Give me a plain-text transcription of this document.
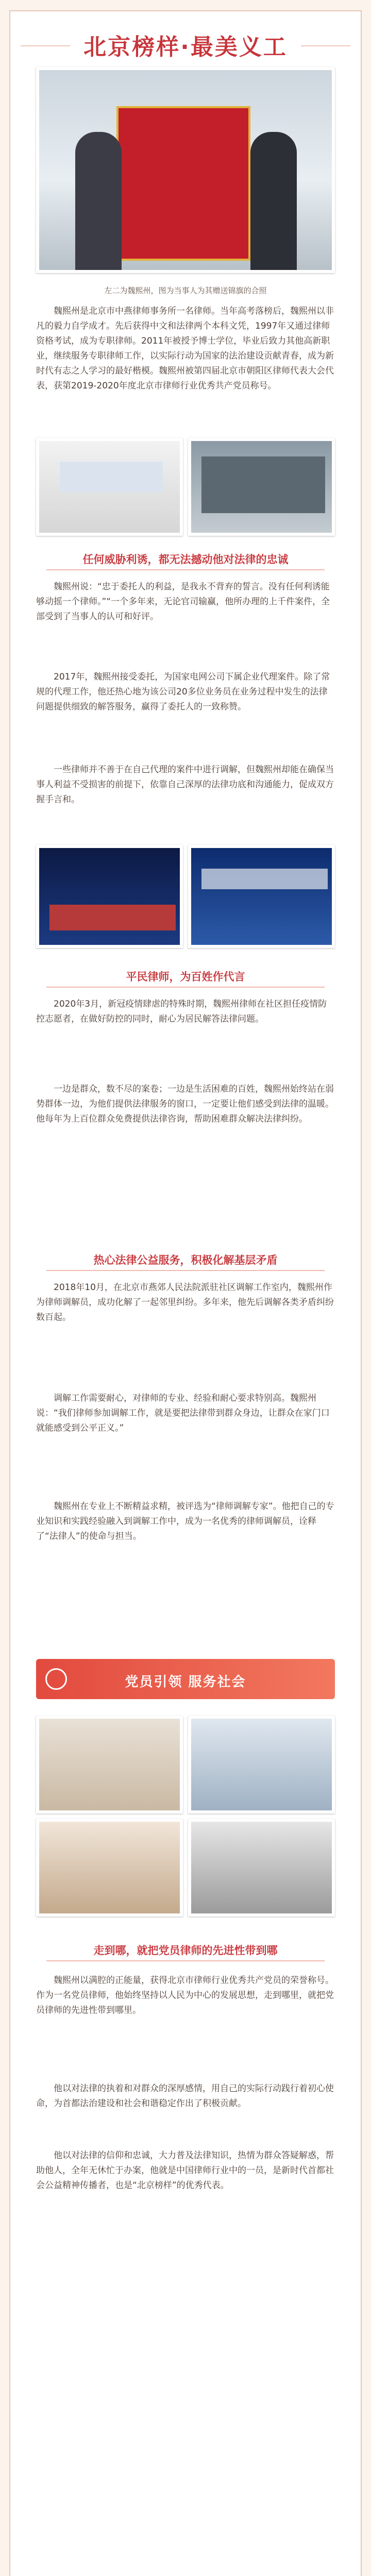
北京榜样·最美义工
左二为魏熙州，图为当事人为其赠送锦旗的合照
魏熙州是北京市中燕律师事务所一名律师。当年高考落榜后，魏熙州以非凡的毅力自学成才。先后获得中文和法律两个本科文凭，1997年又通过律师资格考试，成为专职律师。2011年被授予博士学位，毕业后致力其他高新职业，继续服务专职律师工作，以实际行动为国家的法治建设贡献青春，成为新时代有志之人学习的最好楷模。魏熙州被第四届北京市朝阳区律师代表大会代表，获第2019-2020年度北京市律师行业优秀共产党员称号。
任何威胁利诱，都无法撼动他对法律的忠诚
魏熙州说：“忠于委托人的利益，是我永不背弃的誓言。没有任何利诱能够动摇一个律师。”“一个多年来，无论官司输赢，他所办理的上千件案件，全部受到了当事人的认可和好评。
2017年，魏熙州接受委托，为国家电网公司下属企业代理案件。除了常规的代理工作，他还热心地为该公司20多位业务员在业务过程中发生的法律问题提供细致的解答服务，赢得了委托人的一致称赞。
一些律师并不善于在自己代理的案件中进行调解，但魏熙州却能在确保当事人利益不受损害的前提下，依靠自己深厚的法律功底和沟通能力，促成双方握手言和。
平民律师，为百姓作代言
2020年3月，新冠疫情肆虐的特殊时期，魏熙州律师在社区担任疫情防控志愿者，在做好防控的同时，耐心为居民解答法律问题。
一边是群众，数不尽的案卷；一边是生活困难的百姓，魏熙州始终站在弱势群体一边，为他们提供法律服务的窗口，一定要让他们感受到法律的温暖。他每年为上百位群众免费提供法律咨询，帮助困难群众解决法律纠纷。
热心法律公益服务，积极化解基层矛盾
2018年10月，在北京市燕郊人民法院派驻社区调解工作室内，魏熙州作为律师调解员，成功化解了一起邻里纠纷。多年来，他先后调解各类矛盾纠纷数百起。
调解工作需要耐心，对律师的专业、经验和耐心要求特别高。魏熙州说：“我们律师参加调解工作，就是要把法律带到群众身边，让群众在家门口就能感受到公平正义。”
魏熙州在专业上不断精益求精，被评选为“律师调解专家”。他把自己的专业知识和实践经验融入到调解工作中，成为一名优秀的律师调解员，诠释了“法律人”的使命与担当。
党员引领 服务社会
走到哪，就把党员律师的先进性带到哪
魏熙州以满腔的正能量，获得北京市律师行业优秀共产党员的荣誉称号。作为一名党员律师，他始终坚持以人民为中心的发展思想，走到哪里，就把党员律师的先进性带到哪里。
他以对法律的执着和对群众的深厚感情，用自己的实际行动践行着初心使命，为首都法治建设和社会和谐稳定作出了积极贡献。
他以对法律的信仰和忠诚，大力普及法律知识，热情为群众答疑解惑，帮助他人，全年无休忙于办案，他就是中国律师行业中的一员，是新时代首都社会公益精神传播者，也是“北京榜样”的优秀代表。
